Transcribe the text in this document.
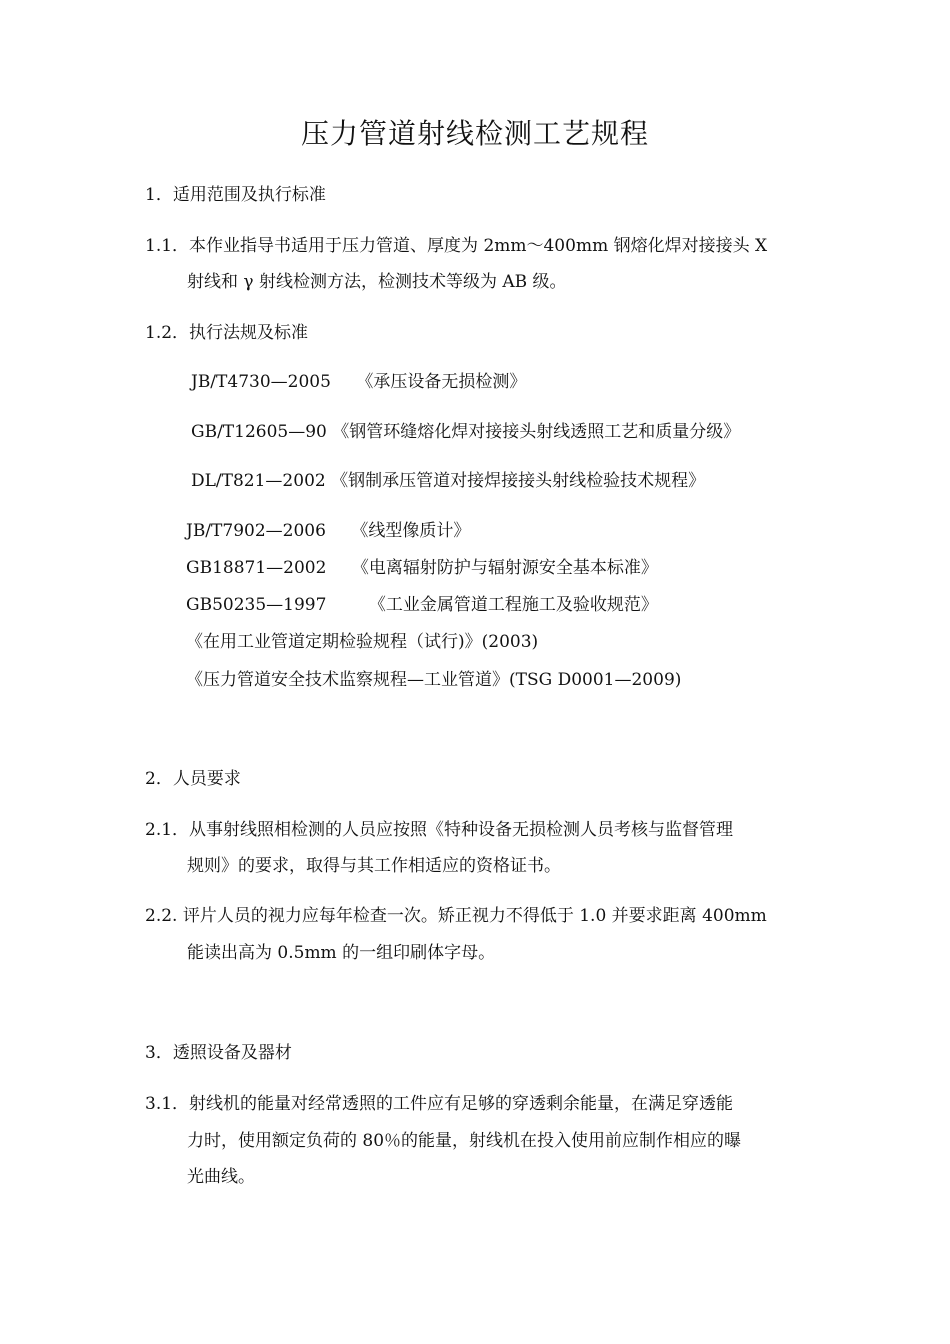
压力管道射线检测工艺规程
1．适用范围及执行标准
1.1．本作业指导书适用于压力管道、厚度为 2mm～400mm 钢熔化焊对接接头 X
射线和 γ 射线检测方法，检测技术等级为 AB 级。
1.2．执行法规及标准
JB/T4730—2005　　《承压设备无损检测》
GB/T12605—90 《钢管环缝熔化焊对接接头射线透照工艺和质量分级》
DL/T821—2002 《钢制承压管道对接焊接接头射线检验技术规程》
JB/T7902—2006　　《线型像质计》
GB18871—2002　　《电离辐射防护与辐射源安全基本标准》
GB50235—1997　　　《工业金属管道工程施工及验收规范》
《在用工业管道定期检验规程（试行)》(2003)
《压力管道安全技术监察规程—工业管道》(TSG D0001—2009)
2．人员要求
2.1．从事射线照相检测的人员应按照《特种设备无损检测人员考核与监督管理
规则》的要求，取得与其工作相适应的资格证书。
2.2. 评片人员的视力应每年检查一次。矫正视力不得低于 1.0 并要求距离 400mm
能读出高为 0.5mm 的一组印刷体字母。
3．透照设备及器材
3.1．射线机的能量对经常透照的工件应有足够的穿透剩余能量，在满足穿透能
力时，使用额定负荷的 80％的能量，射线机在投入使用前应制作相应的曝
光曲线。
